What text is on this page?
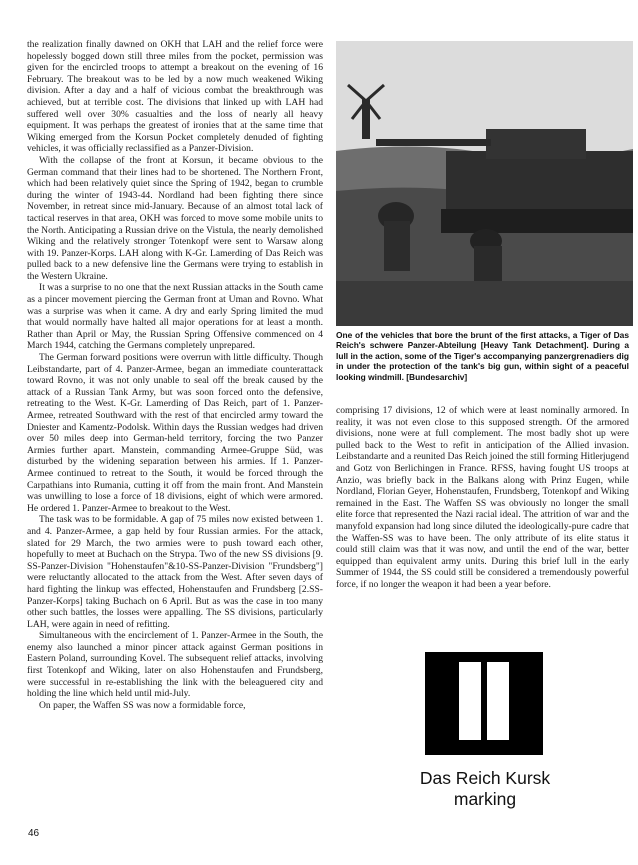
the realization finally dawned on OKH that LAH and the relief force were hopelessly bogged down still three miles from the pocket, permission was given for the encircled troops to attempt a breakout on the evening of 16 February. The breakout was to be led by a now much weakened Wiking division. After a day and a half of vicious combat the breakthrough was achieved, but at terrible cost. The divisions that linked up with LAH had suffered well over 30% casualties and the loss of nearly all heavy equipment. It was perhaps the greatest of ironies that at the same time that Wiking emerged from the Korsun Pocket completely denuded of fighting vehicles, it was officially reclassified as a Panzer-Division.

With the collapse of the front at Korsun, it became obvious to the German command that their lines had to be shortened. The Northern Front, which had been relatively quiet since the Spring of 1942, began to crumble during the winter of 1943-44. Nordland had been fighting there since November, in retreat since mid-January. Because of an almost total lack of tactical reserves in that area, OKH was forced to move some mobile units to the North. Anticipating a Russian drive on the Vistula, the nearly demolished Wiking and the relatively stronger Totenkopf were sent to Warsaw along with 19. Panzer-Korps. LAH along with K-Gr. Lamerding of Das Reich was pulled back to a new defensive line the Germans were trying to establish in the Western Ukraine.

It was a surprise to no one that the next Russian attacks in the South came as a pincer movement piercing the German front at Uman and Rovno. What was a surprise was when it came. A dry and early Spring limited the mud that would normally have halted all major operations for at least a month. Rather than April or May, the Russian Spring Offensive commenced on 4 March 1944, catching the Germans completely unprepared.

The German forward positions were overrun with little difficulty. Though Leibstandarte, part of 4. Panzer-Armee, began an immediate counterattack toward Rovno, it was not only unable to seal off the break caused by the attack of a Russian Tank Army, but was soon forced onto the defensive, retreating to the West. K-Gr. Lamerding of Das Reich, part of 1. Panzer-Armee, retreated Southward with the rest of that encircled army toward the Dniester and Kamentz-Podolsk. Within days the Russian wedges had driven over 50 miles deep into German-held territory, forcing the two Panzer Armies further apart. Manstein, commanding Armee-Gruppe Süd, was disturbed by the widening separation between his armies. If 1. Panzer-Armee continued to retreat to the South, it would be forced through the Carpathians into Rumania, cutting it off from the main front. And Manstein was unwilling to lose a force of 18 divisions, eight of which were armored. He ordered 1. Panzer-Armee to breakout to the West.

The task was to be formidable. A gap of 75 miles now existed between 1. and 4. Panzer-Armee, a gap held by four Russian armies. For the attack, slated for 29 March, the two armies were to push toward each other, hopefully to meet at Buchach on the Strypa. Two of the new SS divisions [9. SS-Panzer-Division "Hohenstaufen"&10-SS-Panzer-Division "Frundsberg"] were reluctantly allocated to the attack from the West. After seven days of hard fighting the linkup was effected, Hohenstaufen and Frundsberg [2.SS-Panzer-Korps] taking Buchach on 6 April. But as was the case in too many other such battles, the losses were appalling. The SS divisions, particularly LAH, were again in need of refitting.

Simultaneous with the encirclement of 1. Panzer-Armee in the South, the enemy also launched a minor pincer attack against German positions in Eastern Poland, surrounding Kovel. The subsequent relief attacks, involving first Totenkopf and Wiking, later on also Hohenstaufen and Frundsberg, were successful in re-establishing the link with the beleaguered city and holding the line which held until mid-July.

On paper, the Waffen SS was now a formidable force,

One of the vehicles that bore the brunt of the first attacks, a Tiger of Das Reich's schwere Panzer-Abteilung [Heavy Tank Detachment]. During a lull in the action, some of the Tiger's accompanying panzergrenadiers dig in under the protection of the tank's big gun, within sight of a peaceful looking windmill. [Bundesarchiv]

comprising 17 divisions, 12 of which were at least nominally armored. In reality, it was not even close to this supposed strength. Of the armored divisions, none were at full complement. The most badly shot up were pulled back to the West to refit in anticipation of the Allied invasion. Leibstandarte and a reunited Das Reich joined the still forming Hitlerjugend and Gotz von Berlichingen in France. RFSS, having fought US troops at Anzio, was briefly back in the Balkans along with Prinz Eugen, while Nordland, Florian Geyer, Hohenstaufen, Frundsberg, Totenkopf and Wiking remained in the East. The Waffen SS was obviously no longer the small elite force that represented the Nazi racial ideal. The attrition of war and the manyfold expansion had long since diluted the ideologically-pure cadre that the Waffen-SS was to have been. The only attribute of its elite status it could still claim was that it was now, and until the end of the war, better equipped than equivalent army units. During this brief lull in the early Summer of 1944, the SS could still be considered a tremendously powerful force, if no longer the weapon it had been a year before.

Das Reich Kursk marking
46
